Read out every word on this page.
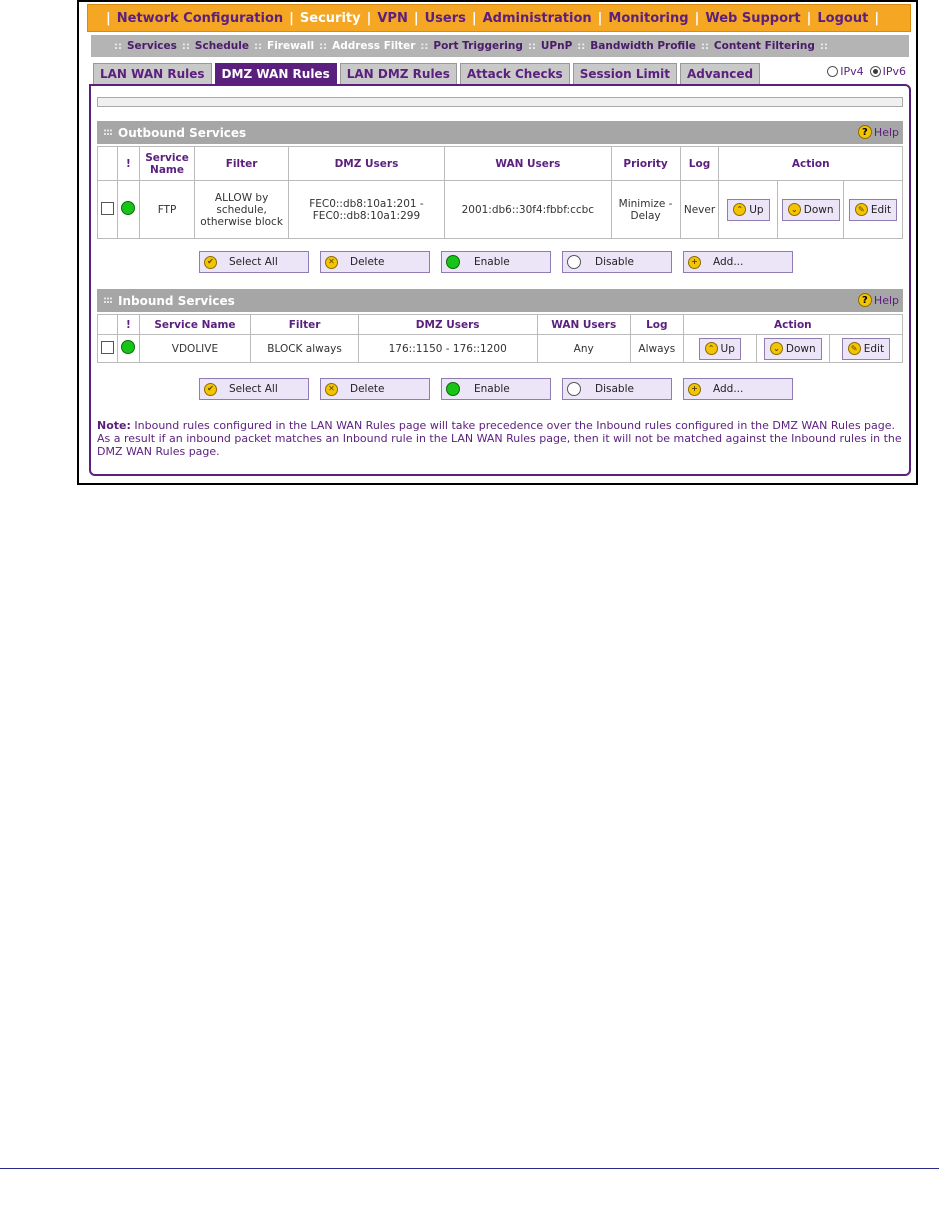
| Network Configuration | Security | VPN | Users | Administration | Monitoring | Web Support | Logout |
:: Services :: Schedule :: Firewall :: Address Filter :: Port Triggering :: UPnP :: Bandwidth Profile :: Content Filtering ::
LAN WAN Rules	DMZ WAN Rules	LAN DMZ Rules	Attack Checks	Session Limit	Advanced	IPv4 IPv6
::: Outbound Services	? Help
	!	Service Name	Filter	DMZ Users	WAN Users	Priority	Log	Action		
		FTP	ALLOW by schedule, otherwise block	FEC0::db8:10a1:201 - FEC0::db8:10a1:299	2001:db6::30f4:fbbf:ccbc	Minimize - Delay	Never	⌃ Up	⌄ Down	✎ Edit
✔	Select All	✕	Delete	Enable	Disable	+	Add...
::: Inbound Services	? Help
	!	Service Name	Filter	DMZ Users	WAN Users	Log	Action		
		VDOLIVE	BLOCK always	176::1150 - 176::1200	Any	Always	⌃ Up	⌄ Down	✎ Edit
✔	Select All	✕	Delete	Enable	Disable	+	Add...
Note: Inbound rules configured in the LAN WAN Rules page will take precedence over the Inbound rules configured in the DMZ WAN Rules page. As a result if an inbound packet matches an Inbound rule in the LAN WAN Rules page, then it will not be matched against the Inbound rules in the DMZ WAN Rules page.
